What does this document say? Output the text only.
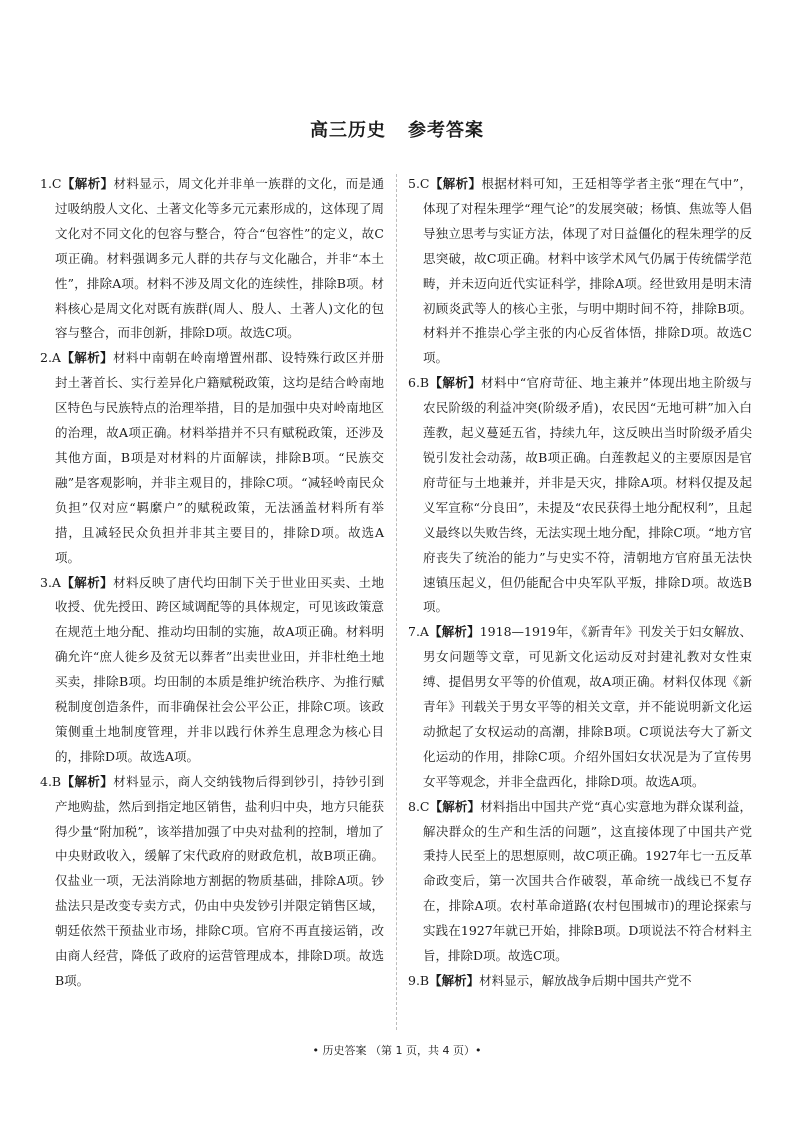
高三历史 参考答案

1.C【解析】材料显示，周文化并非单一族群的文化，而是通过吸纳殷人文化、土著文化等多元元素形成的，这体现了周文化对不同文化的包容与整合，符合“包容性”的定义，故C项正确。材料强调多元人群的共存与文化融合，并非“本土性”，排除A项。材料不涉及周文化的连续性，排除B项。材料核心是周文化对既有族群(周人、殷人、土著人)文化的包容与整合，而非创新，排除D项。故选C项。

2.A【解析】材料中南朝在岭南增置州郡、设特殊行政区并册封土著首长、实行差异化户籍赋税政策，这均是结合岭南地区特色与民族特点的治理举措，目的是加强中央对岭南地区的治理，故A项正确。材料举措并不只有赋税政策，还涉及其他方面，B项是对材料的片面解读，排除B项。“民族交融”是客观影响，并非主观目的，排除C项。“减轻岭南民众负担”仅对应“羁縻户”的赋税政策，无法涵盖材料所有举措，且减轻民众负担并非其主要目的，排除D项。故选A项。

3.A【解析】材料反映了唐代均田制下关于世业田买卖、土地收授、优先授田、跨区域调配等的具体规定，可见该政策意在规范土地分配、推动均田制的实施，故A项正确。材料明确允许“庶人徙乡及贫无以葬者”出卖世业田，并非杜绝土地买卖，排除B项。均田制的本质是维护统治秩序、为推行赋税制度创造条件，而非确保社会公平公正，排除C项。该政策侧重土地制度管理，并非以践行休养生息理念为核心目的，排除D项。故选A项。

4.B【解析】材料显示，商人交纳钱物后得到钞引，持钞引到产地购盐，然后到指定地区销售，盐利归中央，地方只能获得少量“附加税”，该举措加强了中央对盐利的控制，增加了中央财政收入，缓解了宋代政府的财政危机，故B项正确。仅盐业一项，无法消除地方割据的物质基础，排除A项。钞盐法只是改变专卖方式，仍由中央发钞引并限定销售区域，朝廷依然干预盐业市场，排除C项。官府不再直接运销，改由商人经营，降低了政府的运营管理成本，排除D项。故选B项。

5.C【解析】根据材料可知，王廷相等学者主张“理在气中”，体现了对程朱理学“理气论”的发展突破；杨慎、焦竑等人倡导独立思考与实证方法，体现了对日益僵化的程朱理学的反思突破，故C项正确。材料中该学术风气仍属于传统儒学范畴，并未迈向近代实证科学，排除A项。经世致用是明末清初顾炎武等人的核心主张，与明中期时间不符，排除B项。材料并不推崇心学主张的内心反省体悟，排除D项。故选C项。

6.B【解析】材料中“官府苛征、地主兼并”体现出地主阶级与农民阶级的利益冲突(阶级矛盾)，农民因“无地可耕”加入白莲教，起义蔓延五省，持续九年，这反映出当时阶级矛盾尖锐引发社会动荡，故B项正确。白莲教起义的主要原因是官府苛征与土地兼并，并非是天灾，排除A项。材料仅提及起义军宣称“分良田”，未提及“农民获得土地分配权利”，且起义最终以失败告终，无法实现土地分配，排除C项。“地方官府丧失了统治的能力”与史实不符，清朝地方官府虽无法快速镇压起义，但仍能配合中央军队平叛，排除D项。故选B项。

7.A【解析】1918—1919年，《新青年》刊发关于妇女解放、男女问题等文章，可见新文化运动反对封建礼教对女性束缚、提倡男女平等的价值观，故A项正确。材料仅体现《新青年》刊载关于男女平等的相关文章，并不能说明新文化运动掀起了女权运动的高潮，排除B项。C项说法夸大了新文化运动的作用，排除C项。介绍外国妇女状况是为了宣传男女平等观念，并非全盘西化，排除D项。故选A项。

8.C【解析】材料指出中国共产党“真心实意地为群众谋利益，解决群众的生产和生活的问题”，这直接体现了中国共产党秉持人民至上的思想原则，故C项正确。1927年七一五反革命政变后，第一次国共合作破裂，革命统一战线已不复存在，排除A项。农村革命道路(农村包围城市)的理论探索与实践在1927年就已开始，排除B项。D项说法不符合材料主旨，排除D项。故选C项。

9.B【解析】材料显示，解放战争后期中国共产党不

• 历史答案 （第 1 页，共 4 页）•
